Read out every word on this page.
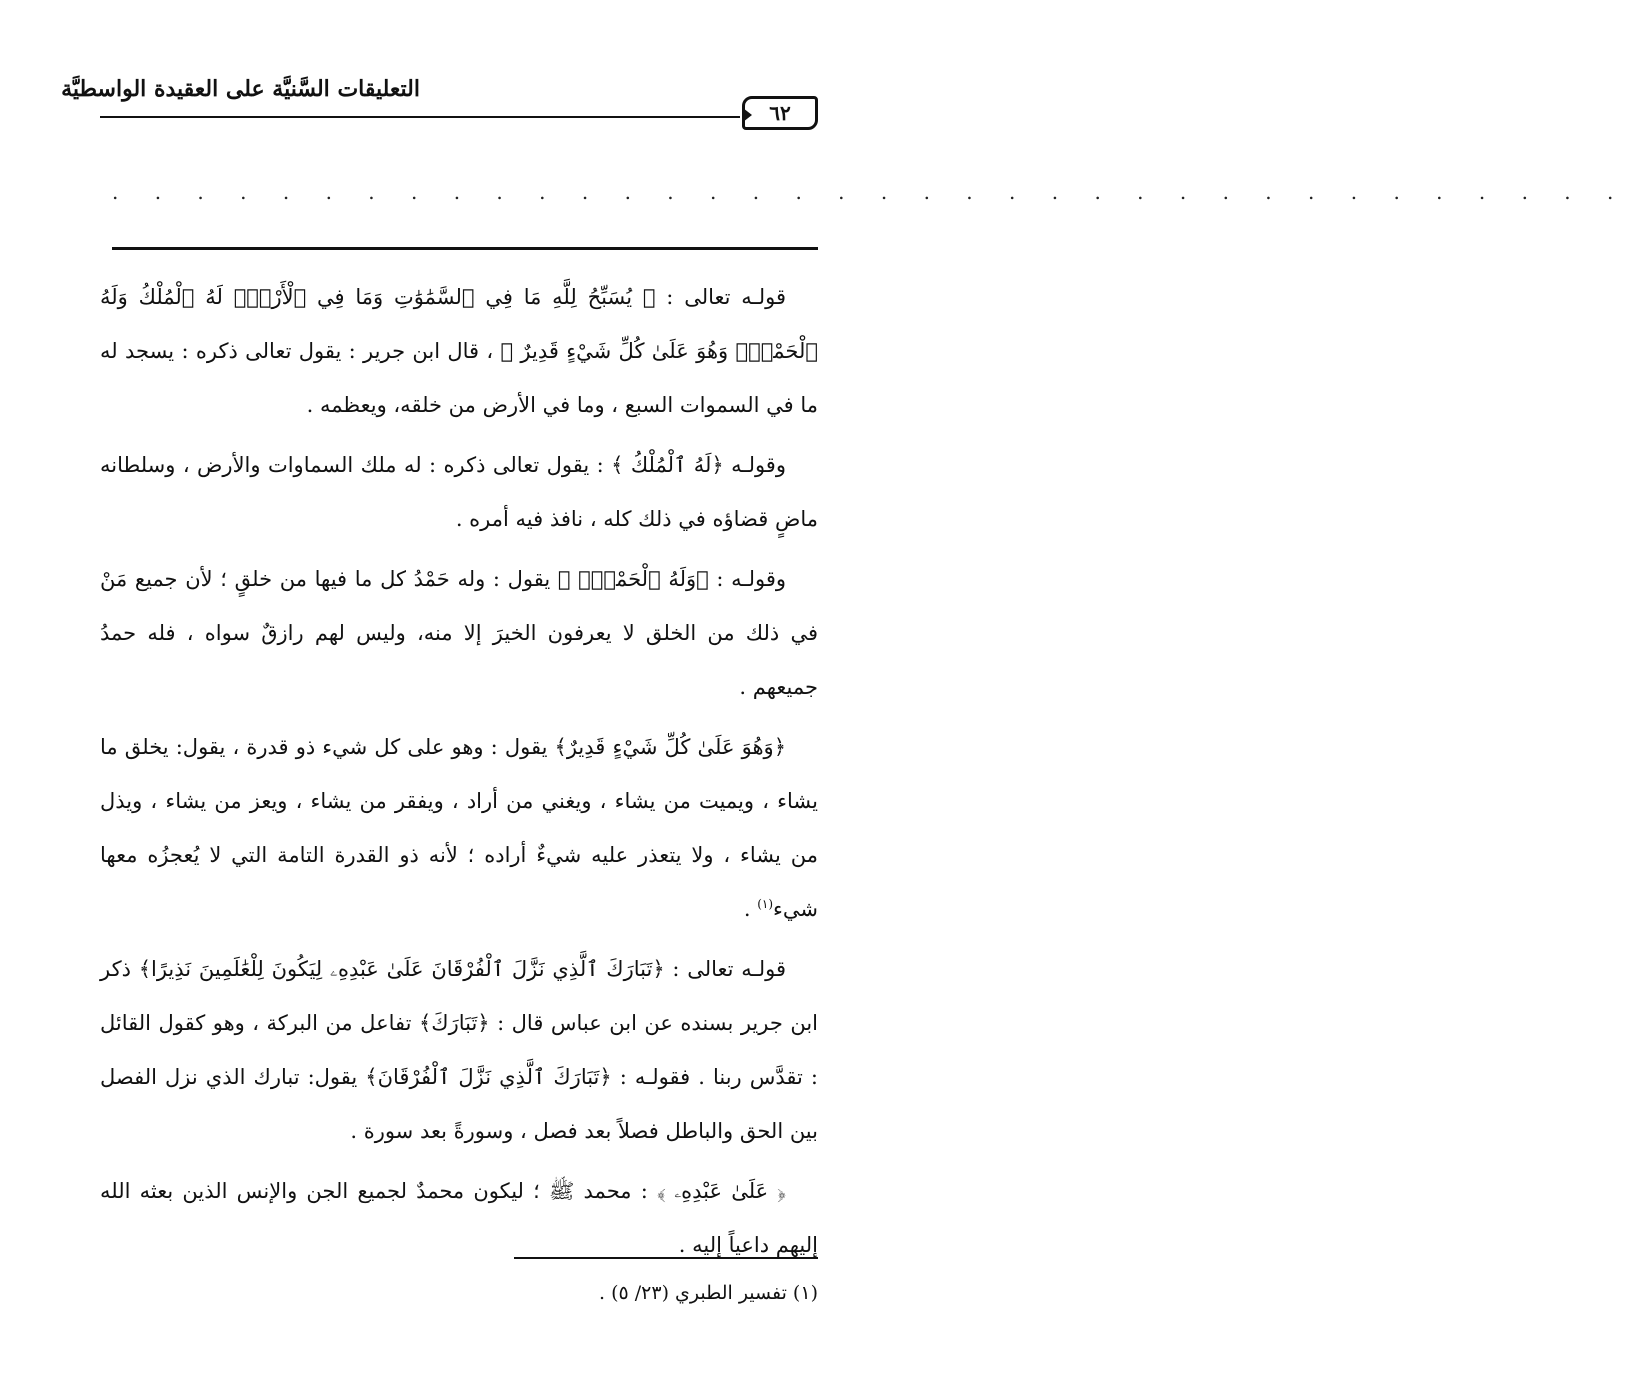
التعليقات السَّنيَّة على العقيدة الواسطيَّة
٦٢
. . . . . . . . . . . . . . . . . . . . . . . . . . . . . . . . . . . .

قولـه تعالى : ﴿ يُسَبِّحُ لِلَّهِ مَا فِي ٱلسَّمَٰوَٰتِ وَمَا فِي ٱلْأَرْضِۖ لَهُ ٱلْمُلْكُ وَلَهُ ٱلْحَمْدُۖ وَهُوَ عَلَىٰ كُلِّ شَيْءٍ قَدِيرٌ ﴾ ، قال ابن جرير : يقول تعالى ذكره : يسجد له ما في السموات السبع ، وما في الأرض من خلقه، ويعظمه .

وقولـه ﴿لَهُ ٱلْمُلْكُ ﴾ : يقول تعالى ذكره : له ملك السماوات والأرض ، وسلطانه ماضٍ قضاؤه في ذلك كله ، نافذ فيه أمره .

وقولـه : ﴿وَلَهُ ٱلْحَمْدُۖ ﴾ يقول : وله حَمْدُ كل ما فيها من خلقٍ ؛ لأن جميع مَنْ في ذلك من الخلق لا يعرفون الخيرَ إلا منه، وليس لهم رازقٌ سواه ، فله حمدُ جميعهم .

﴿وَهُوَ عَلَىٰ كُلِّ شَيْءٍ قَدِيرٌ﴾ يقول : وهو على كل شيء ذو قدرة ، يقول: يخلق ما يشاء ، ويميت من يشاء ، ويغني من أراد ، ويفقر من يشاء ، ويعز من يشاء ، ويذل من يشاء ، ولا يتعذر عليه شيءٌ أراده ؛ لأنه ذو القدرة التامة التي لا يُعجزُه معها شيء$^{(١)}$ .

قولـه تعالى : ﴿تَبَارَكَ ٱلَّذِي نَزَّلَ ٱلْفُرْقَانَ عَلَىٰ عَبْدِهِۦ لِيَكُونَ لِلْعَٰلَمِينَ نَذِيرًا﴾ ذكر ابن جرير بسنده عن ابن عباس قال : ﴿تَبَارَكَ﴾ تفاعل من البركة ، وهو كقول القائل : تقدَّس ربنا . فقولـه : ﴿تَبَارَكَ ٱلَّذِي نَزَّلَ ٱلْفُرْقَانَ﴾ يقول: تبارك الذي نزل الفصل بين الحق والباطل فصلاً بعد فصل ، وسورةً بعد سورة .

﴿ عَلَىٰ عَبْدِهِۦ ﴾ : محمد ﷺ ؛ ليكون محمدٌ لجميع الجن والإنس الذين بعثه الله إليهم داعياً إليه .

(١) تفسير الطبري (٢٣/ ٥) .
